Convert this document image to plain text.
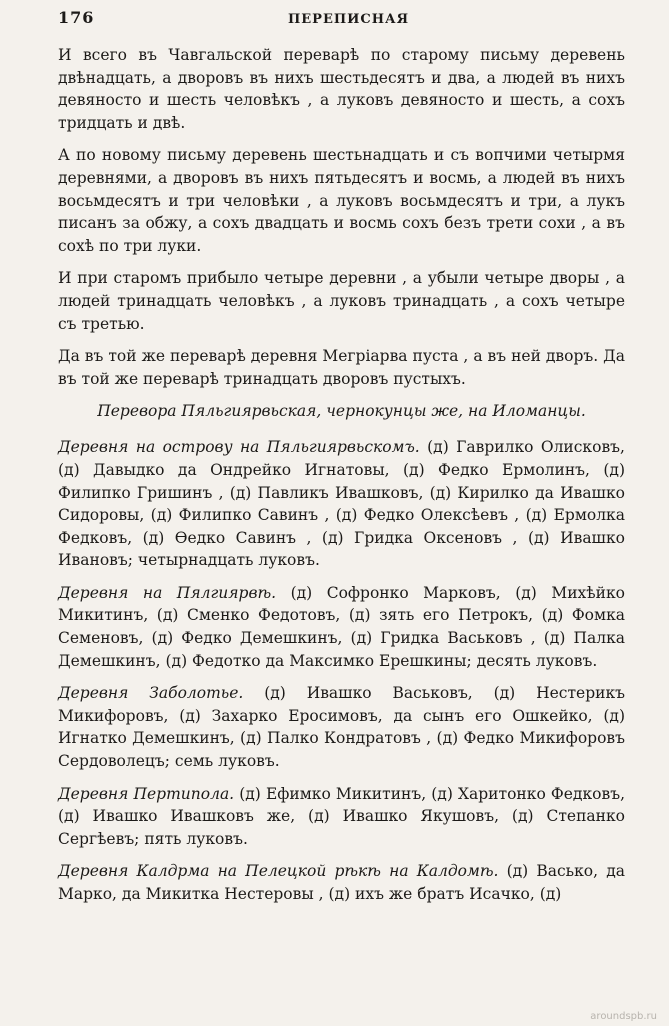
176	ПЕРЕПИСНАЯ

И всего въ Чавгальской переварѣ по старому письму деревень двѣнадцать, а дворовъ въ нихъ шестьдесятъ и два, а людей въ нихъ девяносто и шесть человѣкъ , а луковъ девяносто и шесть, а сохъ тридцать и двѣ.

А по новому письму деревень шестьнадцать и съ вопчими четырмя деревнями, а дворовъ въ нихъ пятьдесятъ и восмь, а людей въ нихъ восьмдесятъ и три человѣки , а луковъ восьмдесятъ и три, а лукъ писанъ за обжу, а сохъ двадцать и восмь сохъ безъ трети сохи , а въ сохѣ по три луки.

И при старомъ прибыло четыре деревни , а убыли четыре дворы , а людей тринадцать человѣкъ , а луковъ тринадцать , а сохъ четыре съ третью.

Да въ той же переварѣ деревня Мегрiарва пуста , а въ ней дворъ. Да въ той же переварѣ тринадцать дворовъ пустыхъ.

Перевора Пяльгиярвьская, чернокунцы же, на Иломанцы.

Деревня на острову на Пяльгиярвьскомъ. (д) Гаврилко Олисковъ, (д) Давыдко да Ондрейко Игнатовы, (д) Федко Ермолинъ, (д) Филипко Гришинъ , (д) Павликъ Ивашковъ, (д) Кирилко да Ивашко Сидоровы, (д) Филипко Савинъ , (д) Федко Олексѣевъ , (д) Ермолка Федковъ, (д) Ѳедко Савинъ , (д) Гридка Оксеновъ , (д) Ивашко Ивановъ; четырнадцать луковъ.

Деревня на Пялгиярвѣ. (д) Софронко Марковъ, (д) Михѣйко Микитинъ, (д) Сменко Федотовъ, (д) зять его Петрокъ, (д) Фомка Семеновъ, (д) Федко Демешкинъ, (д) Гридка Васьковъ , (д) Палка Демешкинъ, (д) Федотко да Максимко Ерешкины; десять луковъ.

Деревня Заболотье. (д) Ивашко Васьковъ, (д) Нестерикъ Микифоровъ, (д) Захарко Еросимовъ, да сынъ его Ошкейко, (д) Игнатко Демешкинъ, (д) Палко Кондратовъ , (д) Федко Микифоровъ Сердоволецъ; семь луковъ.

Деревня Пертипола. (д) Ефимко Микитинъ, (д) Харитонко Федковъ, (д) Ивашко Ивашковъ же, (д) Ивашко Якушовъ, (д) Степанко Сергѣевъ; пять луковъ.

Деревня Калдрма на Пелецкой рѣкѣ на Калдомѣ. (д) Васько, да Марко, да Микитка Нестеровы , (д) ихъ же братъ Исачко, (д)

aroundspb.ru
